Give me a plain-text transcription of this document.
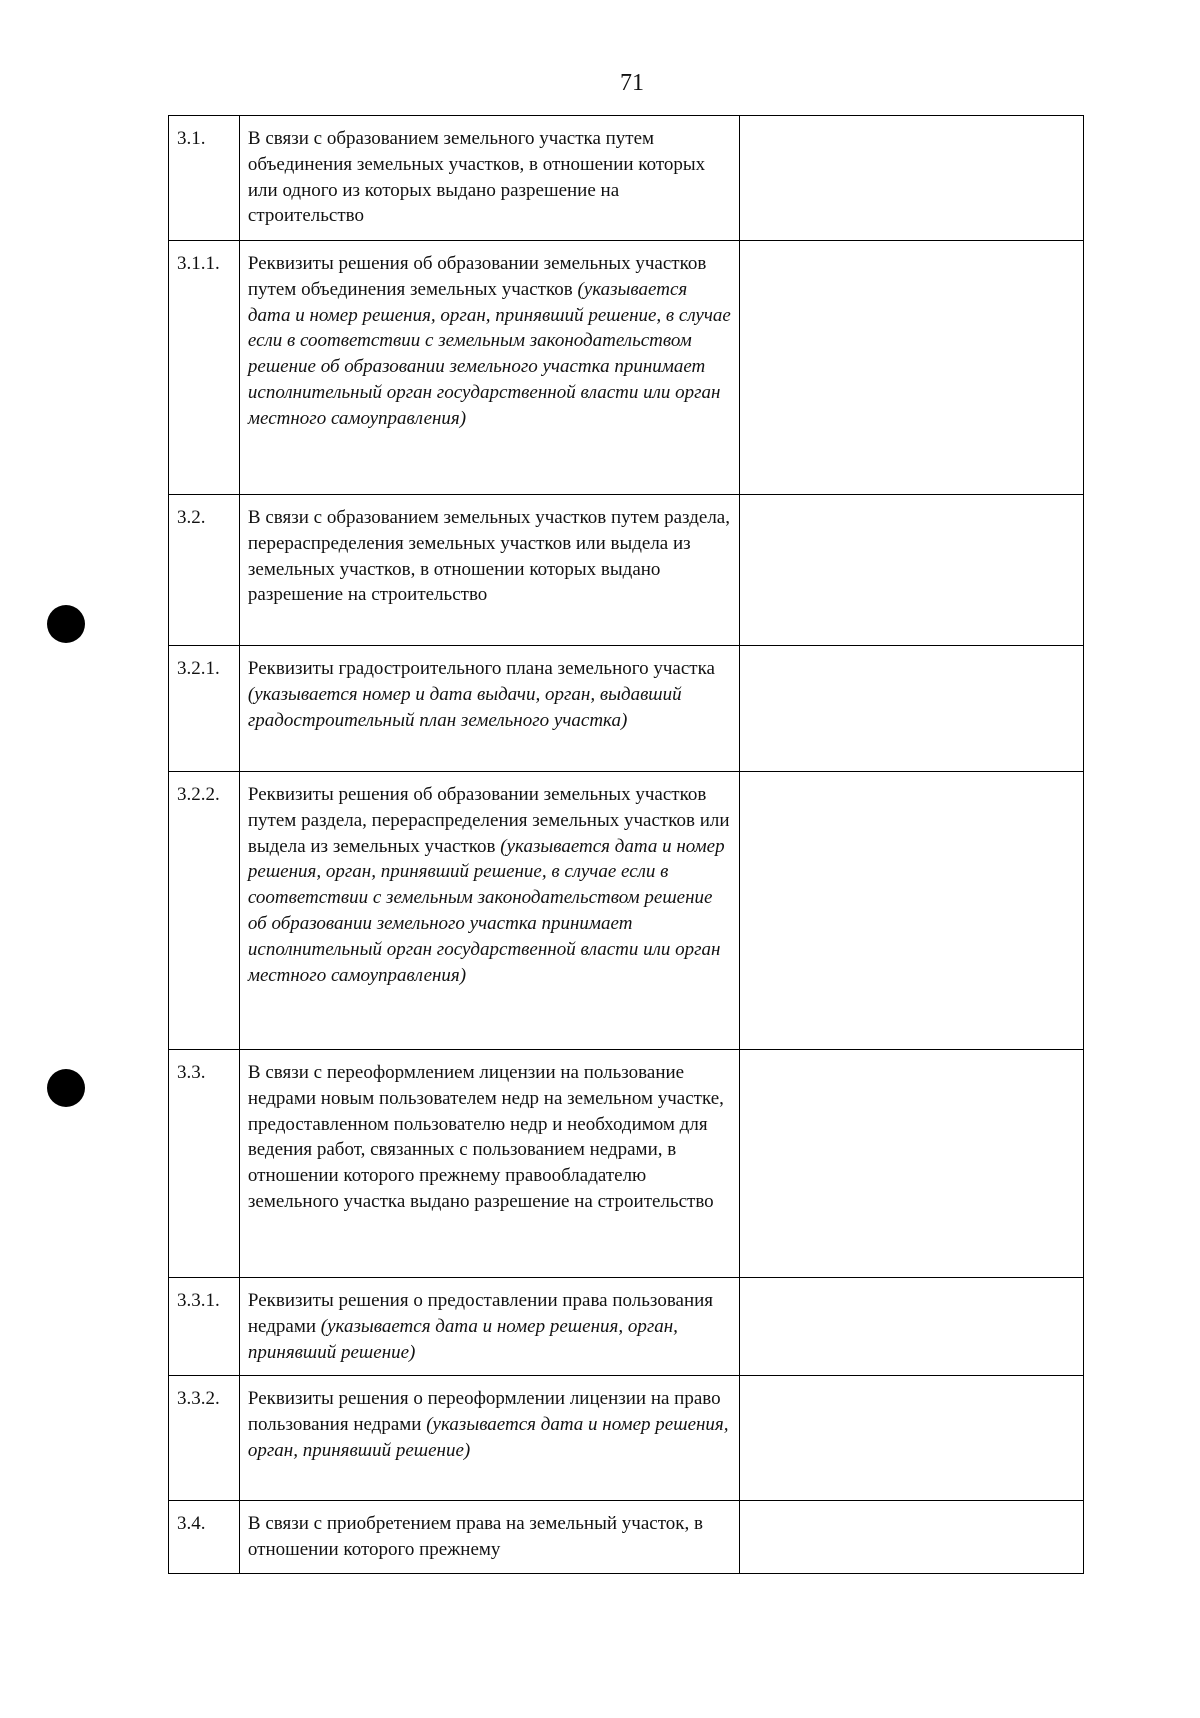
71
3.1.	В связи с образованием земельного участка путем объединения земельных участков, в отношении которых или одного из которых выдано разрешение на строительство	
3.1.1.	Реквизиты решения об образовании земельных участков путем объединения земельных участков (указывается дата и номер решения, орган, принявший решение, в случае если в соответствии с земельным законодательством решение об образовании земельного участка принимает исполнительный орган государственной власти или орган местного самоуправления)	
3.2.	В связи с образованием земельных участков путем раздела, перераспределения земельных участков или выдела из земельных участков, в отношении которых выдано разрешение на строительство	
3.2.1.	Реквизиты градостроительного плана земельного участка (указывается номер и дата выдачи, орган, выдавший градостроительный план земельного участка)	
3.2.2.	Реквизиты решения об образовании земельных участков путем раздела, перераспределения земельных участков или выдела из земельных участков (указывается дата и номер решения, орган, принявший решение, в случае если в соответствии с земельным законодательством решение об образовании земельного участка принимает исполнительный орган государственной власти или орган местного самоуправления)	
3.3.	В связи с переоформлением лицензии на пользование недрами новым пользователем недр на земельном участке, предоставленном пользователю недр и необходимом для ведения работ, связанных с пользованием недрами, в отношении которого прежнему правообладателю земельного участка выдано разрешение на строительство	
3.3.1.	Реквизиты решения о предоставлении права пользования недрами (указывается дата и номер решения, орган, принявший решение)	
3.3.2.	Реквизиты решения о переоформлении лицензии на право пользования недрами (указывается дата и номер решения, орган, принявший решение)	
3.4.	В связи с приобретением права на земельный участок, в отношении которого прежнему	
